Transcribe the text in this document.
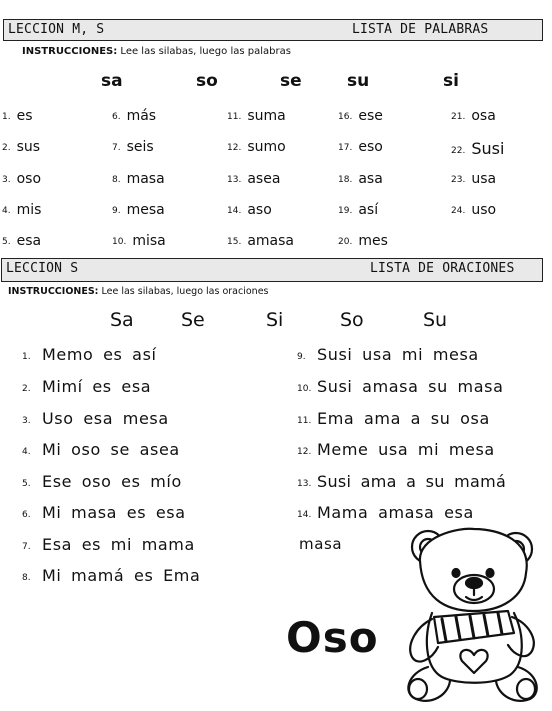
LECCION M, S	LISTA DE PALABRAS
INSTRUCCIONES: Lee las silabas, luego las palabras
sa	so	se	su	si
1. es
2. sus
3. oso
4. mis
5. esa
6. más
7. seis
8. masa
9. mesa
10. misa
11. suma
12. sumo
13. asea
14. aso
15. amasa
16. ese
17. eso
18. asa
19. así
20. mes
21. osa
22. Susi
23. usa
24. uso
LECCION S	LISTA DE ORACIONES
INSTRUCCIONES: Lee las silabas, luego las oraciones
Sa Se	Si	So	Su
1. Memo es así
2. Mimí es esa
3. Uso esa mesa
4. Mi oso se asea
5. Ese oso es mío
6. Mi masa es esa
7. Esa es mi mama
8. Mi mamá es Ema
9. Susi usa mi mesa
10. Susi amasa su masa
11. Ema ama a su osa
12. Meme usa mi mesa
13. Susi ama a su mamá
14. Mama amasa esa
masa
Oso
